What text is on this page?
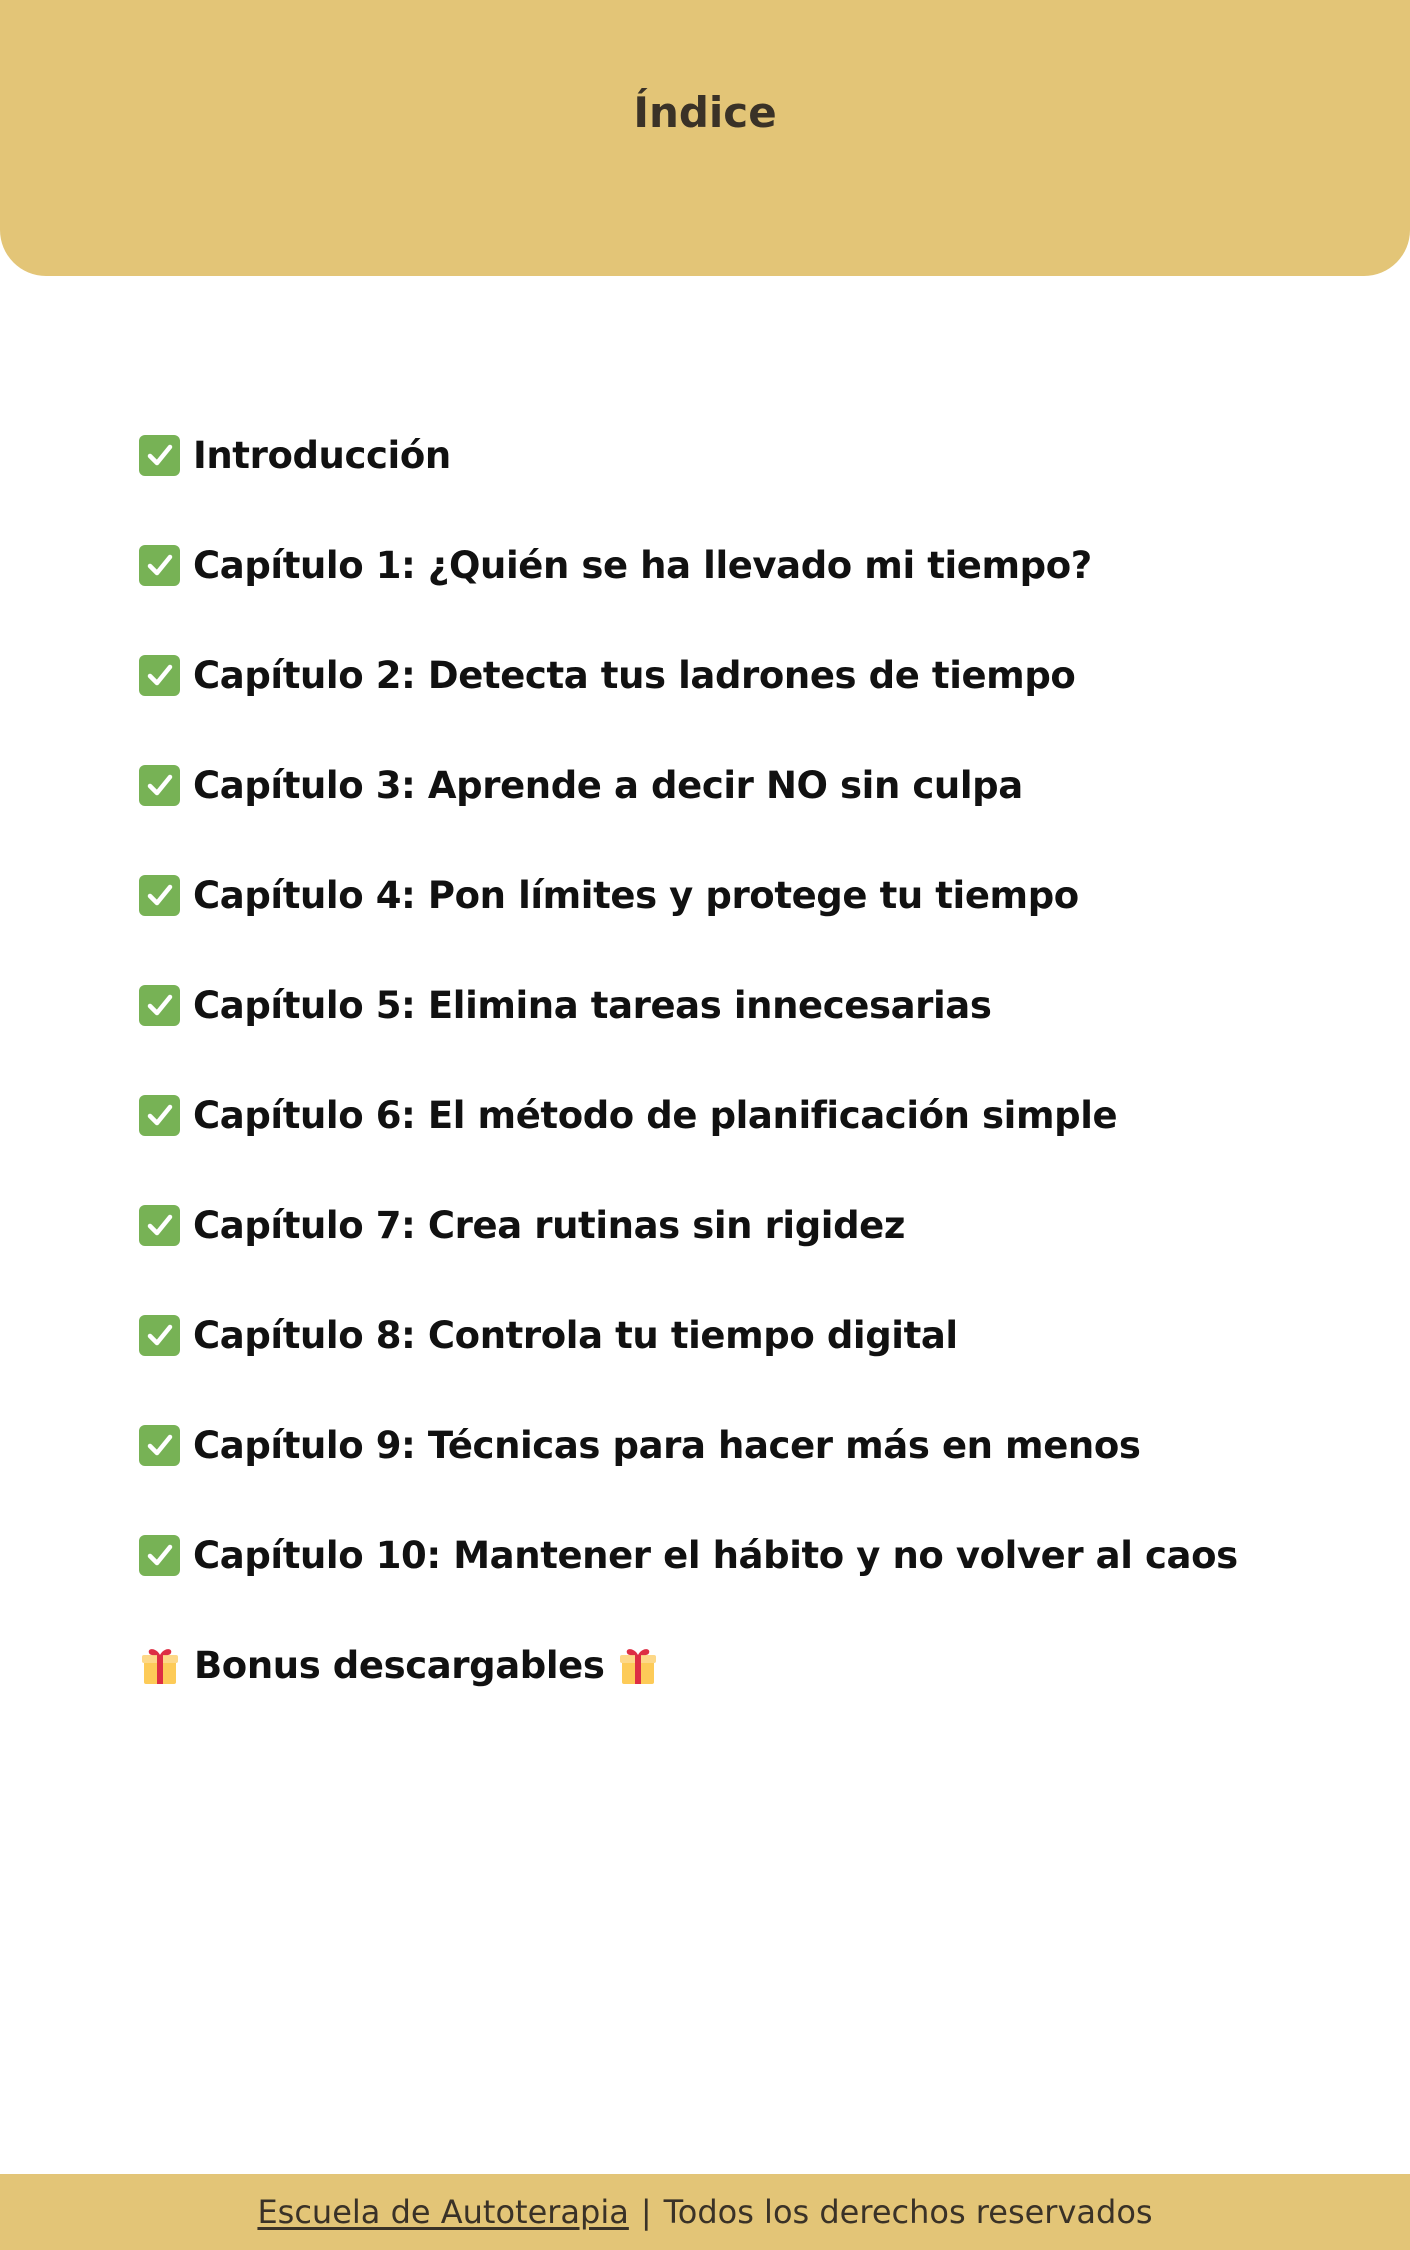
Índice
Introducción
Capítulo 1: ¿Quién se ha llevado mi tiempo?
Capítulo 2: Detecta tus ladrones de tiempo
Capítulo 3: Aprende a decir NO sin culpa
Capítulo 4: Pon límites y protege tu tiempo
Capítulo 5: Elimina tareas innecesarias
Capítulo 6: El método de planificación simple
Capítulo 7: Crea rutinas sin rigidez
Capítulo 8: Controla tu tiempo digital
Capítulo 9: Técnicas para hacer más en menos
Capítulo 10: Mantener el hábito y no volver al caos
Bonus descargables
Escuela de Autoterapia | Todos los derechos reservados
